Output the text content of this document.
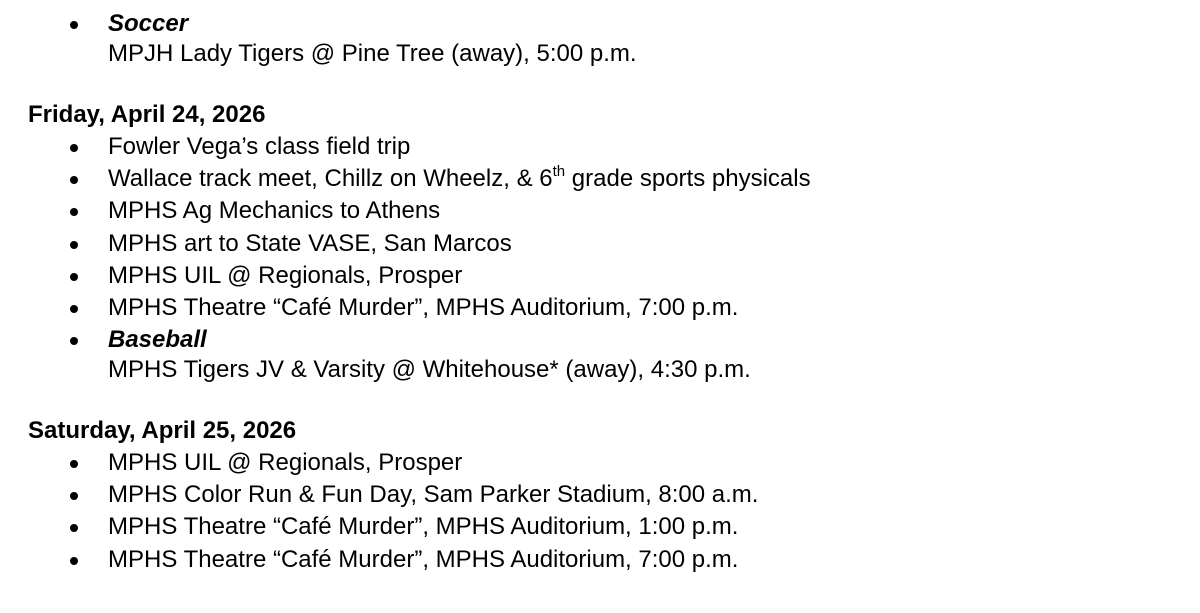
Soccer
MPJH Lady Tigers @ Pine Tree (away), 5:00 p.m.
Friday, April 24, 2026
Fowler Vega’s class field trip
Wallace track meet, Chillz on Wheelz, & 6th grade sports physicals
MPHS Ag Mechanics to Athens
MPHS art to State VASE, San Marcos
MPHS UIL @ Regionals, Prosper
MPHS Theatre “Café Murder”, MPHS Auditorium, 7:00 p.m.
Baseball
MPHS Tigers JV & Varsity @ Whitehouse* (away), 4:30 p.m.
Saturday, April 25, 2026
MPHS UIL @ Regionals, Prosper
MPHS Color Run & Fun Day, Sam Parker Stadium, 8:00 a.m.
MPHS Theatre “Café Murder”, MPHS Auditorium, 1:00 p.m.
MPHS Theatre “Café Murder”, MPHS Auditorium, 7:00 p.m.
